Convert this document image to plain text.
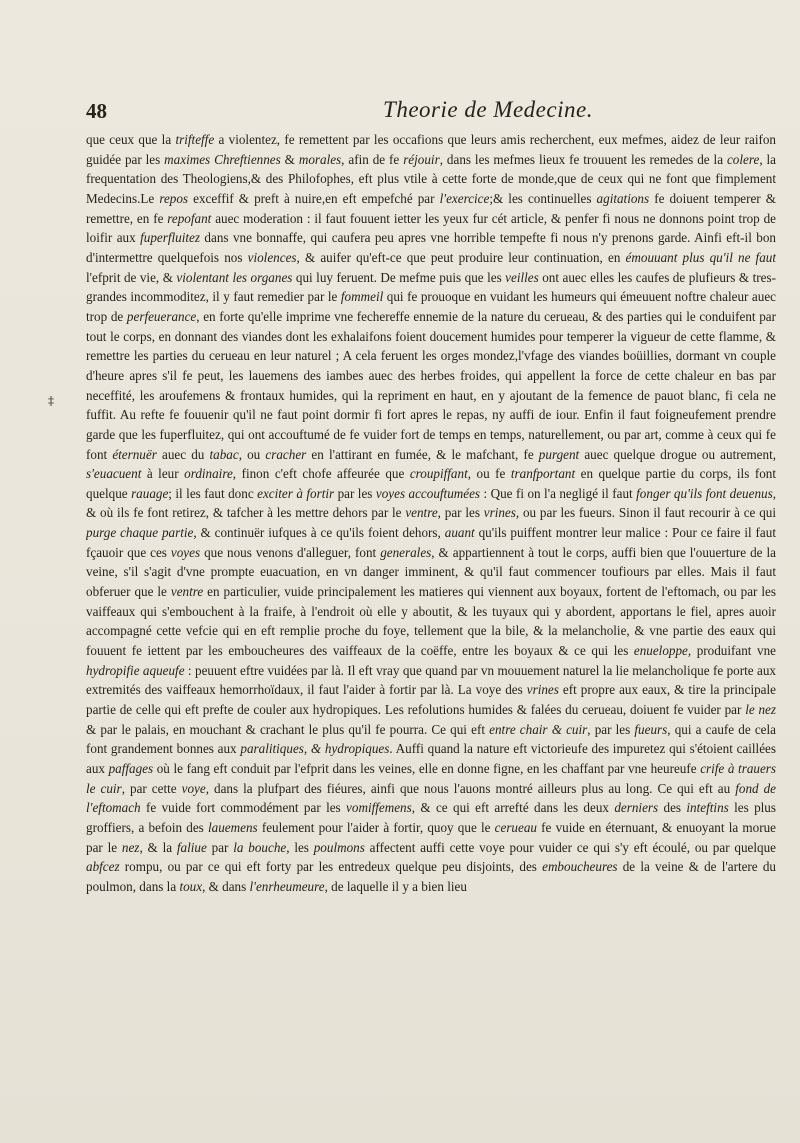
48	Theorie de Medecine.
‡

que ceux que la trifteffe a violentez, fe remettent par les occafions que leurs amis recherchent, eux mefmes, aidez de leur raifon guidée par les maximes Chreftiennes & morales, afin de fe réjouir, dans les mefmes lieux fe trouuent les remedes de la colere, la frequentation des Theologiens,& des Philofophes, eft plus vtile à cette forte de monde,que de ceux qui ne font que fimplement Medecins.Le repos exceffif & preft à nuire,en eft empefché par l'exercice;& les continuelles agitations fe doiuent temperer & remettre, en fe repofant auec moderation : il faut fouuent ietter les yeux fur cét article, & penfer fi nous ne donnons point trop de loifir aux fuperfluitez dans vne bonnaffe, qui caufera peu apres vne horrible tempefte fi nous n'y prenons garde. Ainfi eft-il bon d'intermettre quelquefois nos violences, & auifer qu'eft-ce que peut produire leur continuation, en émouuant plus qu'il ne faut l'efprit de vie, & violentant les organes qui luy feruent. De mefme puis que les veilles ont auec elles les caufes de plufieurs & tres-grandes incommoditez, il y faut remedier par le fommeil qui fe prouoque en vuidant les humeurs qui émeuuent noftre chaleur auec trop de perfeuerance, en forte qu'elle imprime vne fechereffe ennemie de la nature du cerueau, & des parties qui le conduifent par tout le corps, en donnant des viandes dont les exhalaifons foient doucement humides pour temperer la vigueur de cette flamme, & remettre les parties du cerueau en leur naturel ; A cela feruent les orges mondez,l'vfage des viandes boüillies, dormant vn couple d'heure apres s'il fe peut, les lauemens des iambes auec des herbes froides, qui appellent la force de cette chaleur en bas par neceffité, les aroufemens & frontaux humides, qui la repriment en haut, en y ajoutant de la femence de pauot blanc, fi cela ne fuffit. Au refte fe fouuenir qu'il ne faut point dormir fi fort apres le repas, ny auffi de iour. Enfin il faut foigneufement prendre garde que les fuperfluitez, qui ont accouftumé de fe vuider fort de temps en temps, naturellement, ou par art, comme à ceux qui fe font éternuër auec du tabac, ou cracher en l'attirant en fumée, & le mafchant, fe purgent auec quelque drogue ou autrement, s'euacuent à leur ordinaire, finon c'eft chofe affeurée que croupiffant, ou fe tranfportant en quelque partie du corps, ils font quelque rauage; il les faut donc exciter à fortir par les voyes accouftumées : Que fi on l'a negligé il faut fonger qu'ils font deuenus, & où ils fe font retirez, & tafcher à les mettre dehors par le ventre, par les vrines, ou par les fueurs. Sinon il faut recourir à ce qui purge chaque partie, & continuër iufques à ce qu'ils foient dehors, auant qu'ils puiffent montrer leur malice : Pour ce faire il faut fçauoir que ces voyes que nous venons d'alleguer, font generales, & appartiennent à tout le corps, auffi bien que l'ouuerture de la veine, s'il s'agit d'vne prompte euacuation, en vn danger imminent, & qu'il faut commencer toufiours par elles. Mais il faut obferuer que le ventre en particulier, vuide principalement les matieres qui viennent aux boyaux, fortent de l'eftomach, ou par les vaiffeaux qui s'embouchent à la fraife, à l'endroit où elle y aboutit, & les tuyaux qui y abordent, apportans le fiel, apres auoir accompagné cette vefcie qui en eft remplie proche du foye, tellement que la bile, & la melancholie, & vne partie des eaux qui fouuent fe iettent par les emboucheures des vaiffeaux de la coëffe, entre les boyaux & ce qui les enueloppe, produifant vne hydropifie aqueufe : peuuent eftre vuidées par là. Il eft vray que quand par vn mouuement naturel la lie melancholique fe porte aux extremités des vaiffeaux hemorrhoïdaux, il faut l'aider à fortir par là. La voye des vrines eft propre aux eaux, & tire la principale partie de celle qui eft prefte de couler aux hydropiques. Les refolutions humides & falées du cerueau, doiuent fe vuider par le nez & par le palais, en mouchant & crachant le plus qu'il fe pourra. Ce qui eft entre chair & cuir, par les fueurs, qui a caufe de cela font grandement bonnes aux paralitiques, & hydropiques. Auffi quand la nature eft victorieufe des impuretez qui s'étoient caillées aux paffages où le fang eft conduit par l'efprit dans les veines, elle en donne figne, en les chaffant par vne heureufe crife à trauers le cuir, par cette voye, dans la plufpart des fiéures, ainfi que nous l'auons montré ailleurs plus au long. Ce qui eft au fond de l'eftomach fe vuide fort commodément par les vomiffemens, & ce qui eft arrefté dans les deux derniers des inteftins les plus groffiers, a befoin des lauemens feulement pour l'aider à fortir, quoy que le cerueau fe vuide en éternuant, & enuoyant la morue par le nez, & la faliue par la bouche, les poulmons affectent auffi cette voye pour vuider ce qui s'y eft écoulé, ou par quelque abfcez rompu, ou par ce qui eft forty par les entredeux quelque peu disjoints, des emboucheures de la veine & de l'artere du poulmon, dans la toux, & dans l'enrheumeure, de laquelle il y a bien lieu
